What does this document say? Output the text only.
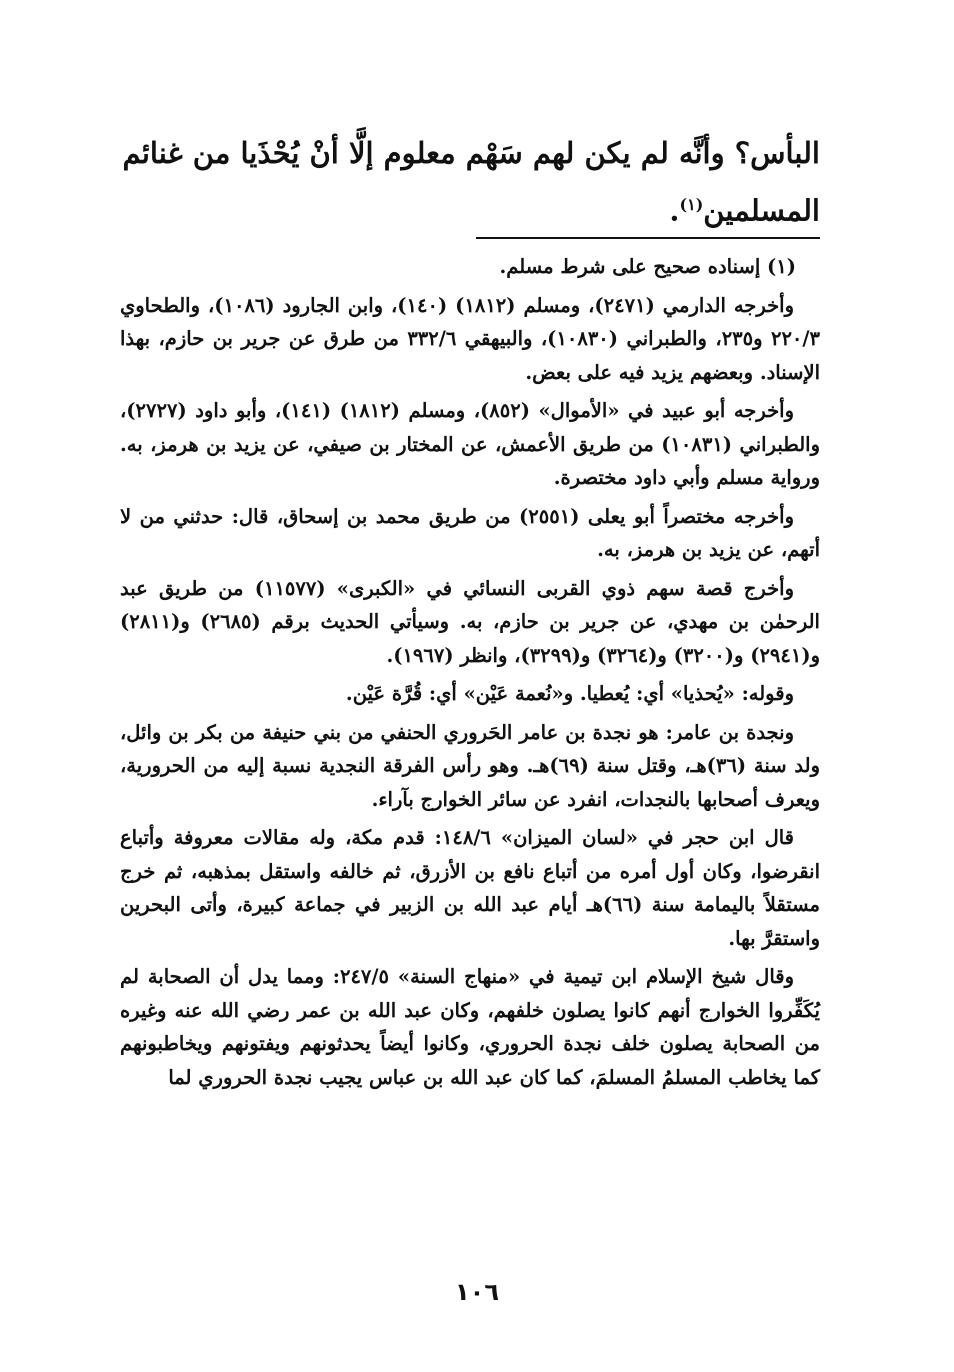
البأس؟ وأنَّه لم يكن لهم سَهْم معلوم إلَّا أنْ يُحْذَيا من غنائم
المسلمين$^{(١)}$.

(١) إسناده صحيح على شرط مسلم.

وأخرجه الدارمي (٢٤٧١)، ومسلم (١٨١٢) (١٤٠)، وابن الجارود (١٠٨٦)، والطحاوي ٢٢٠/٣ و٢٣٥، والطبراني (١٠٨٣٠)، والبيهقي ٣٣٢/٦ من طرق عن جرير بن حازم، بهذا الإسناد. وبعضهم يزيد فيه على بعض.

وأخرجه أبو عبيد في «الأموال» (٨٥٢)، ومسلم (١٨١٢) (١٤١)، وأبو داود (٢٧٢٧)، والطبراني (١٠٨٣١) من طريق الأعمش، عن المختار بن صيفي، عن يزيد بن هرمز، به. ورواية مسلم وأبي داود مختصرة.

وأخرجه مختصراً أبو يعلى (٢٥٥١) من طريق محمد بن إسحاق، قال: حدثني من لا أتهم، عن يزيد بن هرمز، به.

وأخرج قصة سهم ذوي القربى النسائي في «الكبرى» (١١٥٧٧) من طريق عبد الرحمٰن بن مهدي، عن جرير بن حازم، به. وسيأتي الحديث برقم (٢٦٨٥) و(٢٨١١) و(٢٩٤١) و(٣٢٠٠) و(٣٢٦٤) و(٣٢٩٩)، وانظر (١٩٦٧).

وقوله: «يُحذيا» أي: يُعطيا. و«نُعمة عَيْن» أي: قُرَّة عَيْن.

ونجدة بن عامر: هو نجدة بن عامر الحَروري الحنفي من بني حنيفة من بكر بن وائل، ولد سنة (٣٦)هـ، وقتل سنة (٦٩)هـ. وهو رأس الفرقة النجدية نسبة إليه من الحرورية، ويعرف أصحابها بالنجدات، انفرد عن سائر الخوارج بآراء.

قال ابن حجر في «لسان الميزان» ١٤٨/٦: قدم مكة، وله مقالات معروفة وأتباع انقرضوا، وكان أول أمره من أتباع نافع بن الأزرق، ثم خالفه واستقل بمذهبه، ثم خرج مستقلاً باليمامة سنة (٦٦)هـ أيام عبد الله بن الزبير في جماعة كبيرة، وأتى البحرين واستقرَّ بها.

وقال شيخ الإسلام ابن تيمية في «منهاج السنة» ٢٤٧/٥: ومما يدل أن الصحابة لم يُكَفِّروا الخوارج أنهم كانوا يصلون خلفهم، وكان عبد الله بن عمر رضي الله عنه وغيره من الصحابة يصلون خلف نجدة الحروري، وكانوا أيضاً يحدثونهم ويفتونهم ويخاطبونهم كما يخاطب المسلمُ المسلمَ، كما كان عبد الله بن عباس يجيب نجدة الحروري لما

١٠٦
